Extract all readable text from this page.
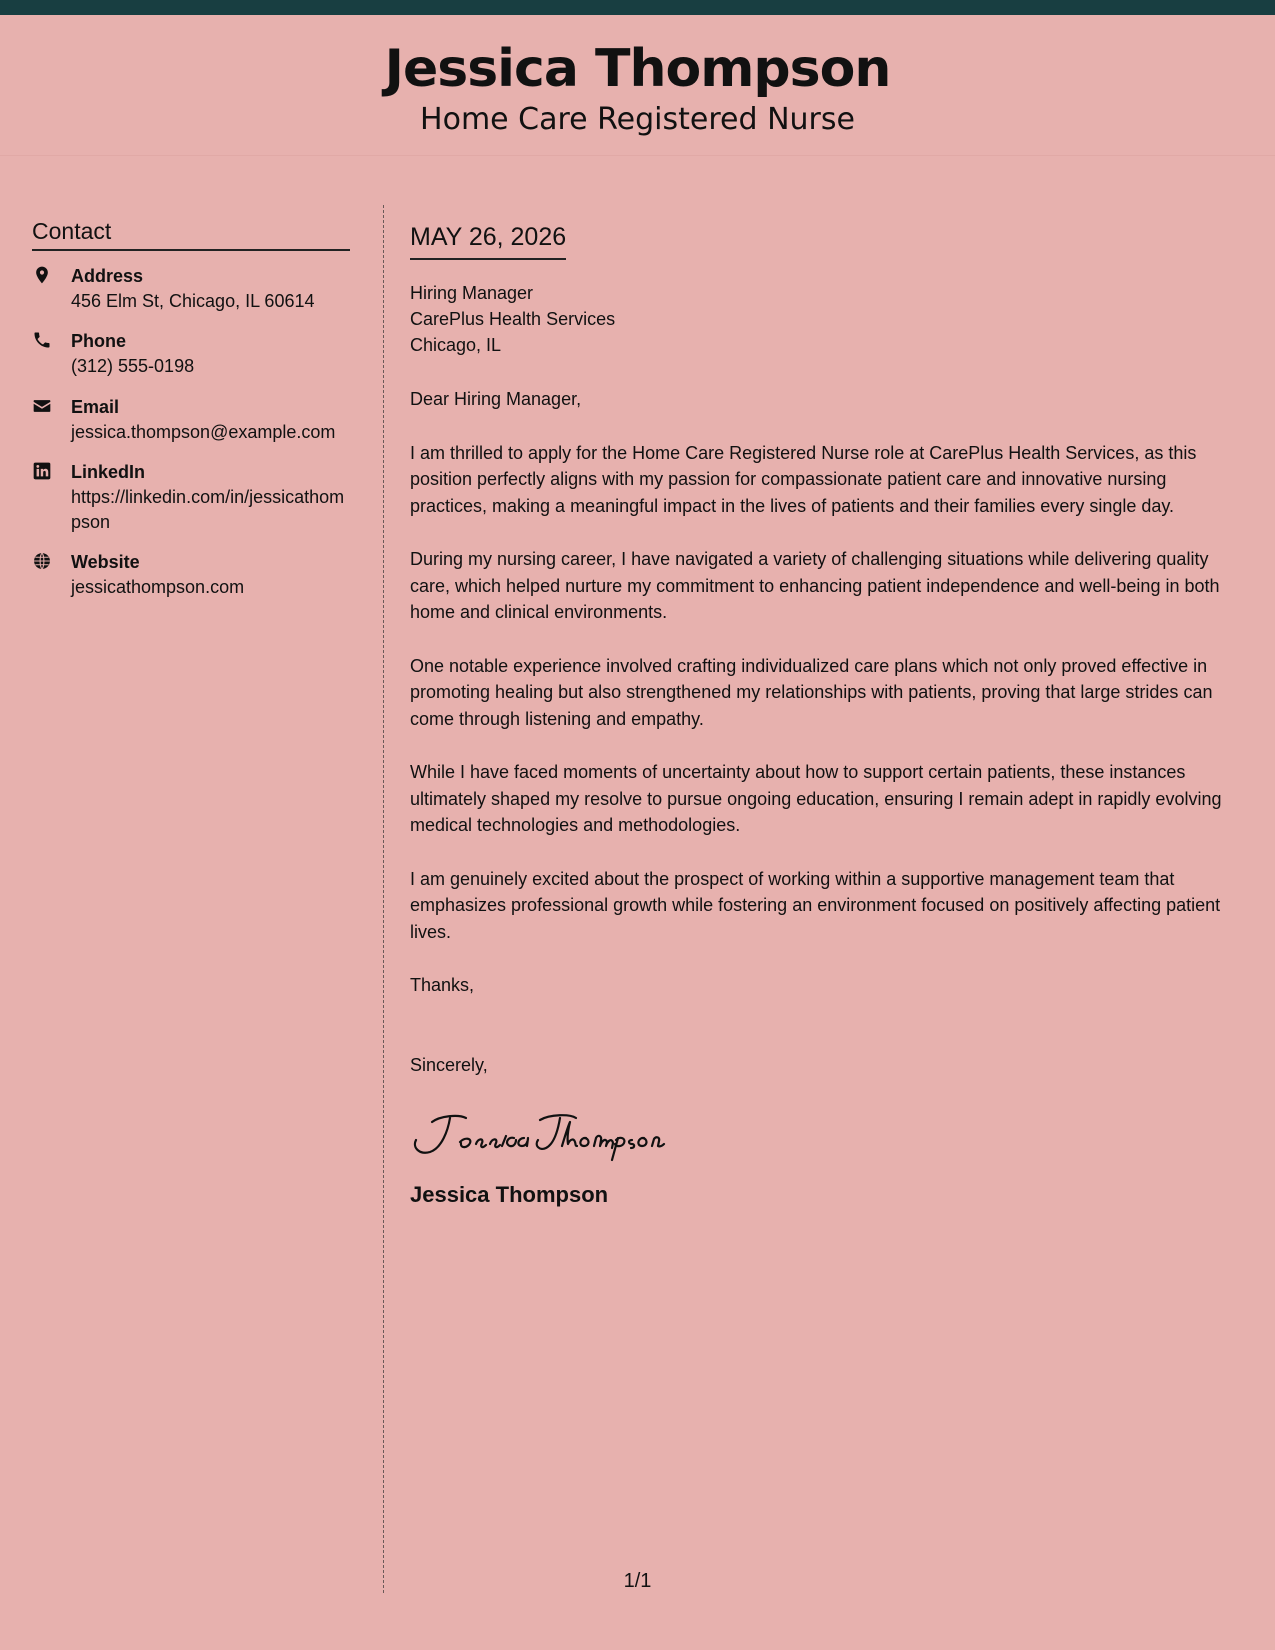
Jessica Thompson
Home Care Registered Nurse
Contact
Address
456 Elm St, Chicago, IL 60614
Phone
(312) 555-0198
Email
jessica.thompson@example.com
LinkedIn
https://linkedin.com/in/jessicathompson
Website
jessicathompson.com
MAY 26, 2026
Hiring Manager
CarePlus Health Services
Chicago, IL
Dear Hiring Manager,
I am thrilled to apply for the Home Care Registered Nurse role at CarePlus Health Services, as this position perfectly aligns with my passion for compassionate patient care and innovative nursing practices, making a meaningful impact in the lives of patients and their families every single day.
During my nursing career, I have navigated a variety of challenging situations while delivering quality care, which helped nurture my commitment to enhancing patient independence and well-being in both home and clinical environments.
One notable experience involved crafting individualized care plans which not only proved effective in promoting healing but also strengthened my relationships with patients, proving that large strides can come through listening and empathy.
While I have faced moments of uncertainty about how to support certain patients, these instances ultimately shaped my resolve to pursue ongoing education, ensuring I remain adept in rapidly evolving medical technologies and methodologies.
I am genuinely excited about the prospect of working within a supportive management team that emphasizes professional growth while fostering an environment focused on positively affecting patient lives.
Thanks,
Sincerely,
Jessica Thompson
1/1
